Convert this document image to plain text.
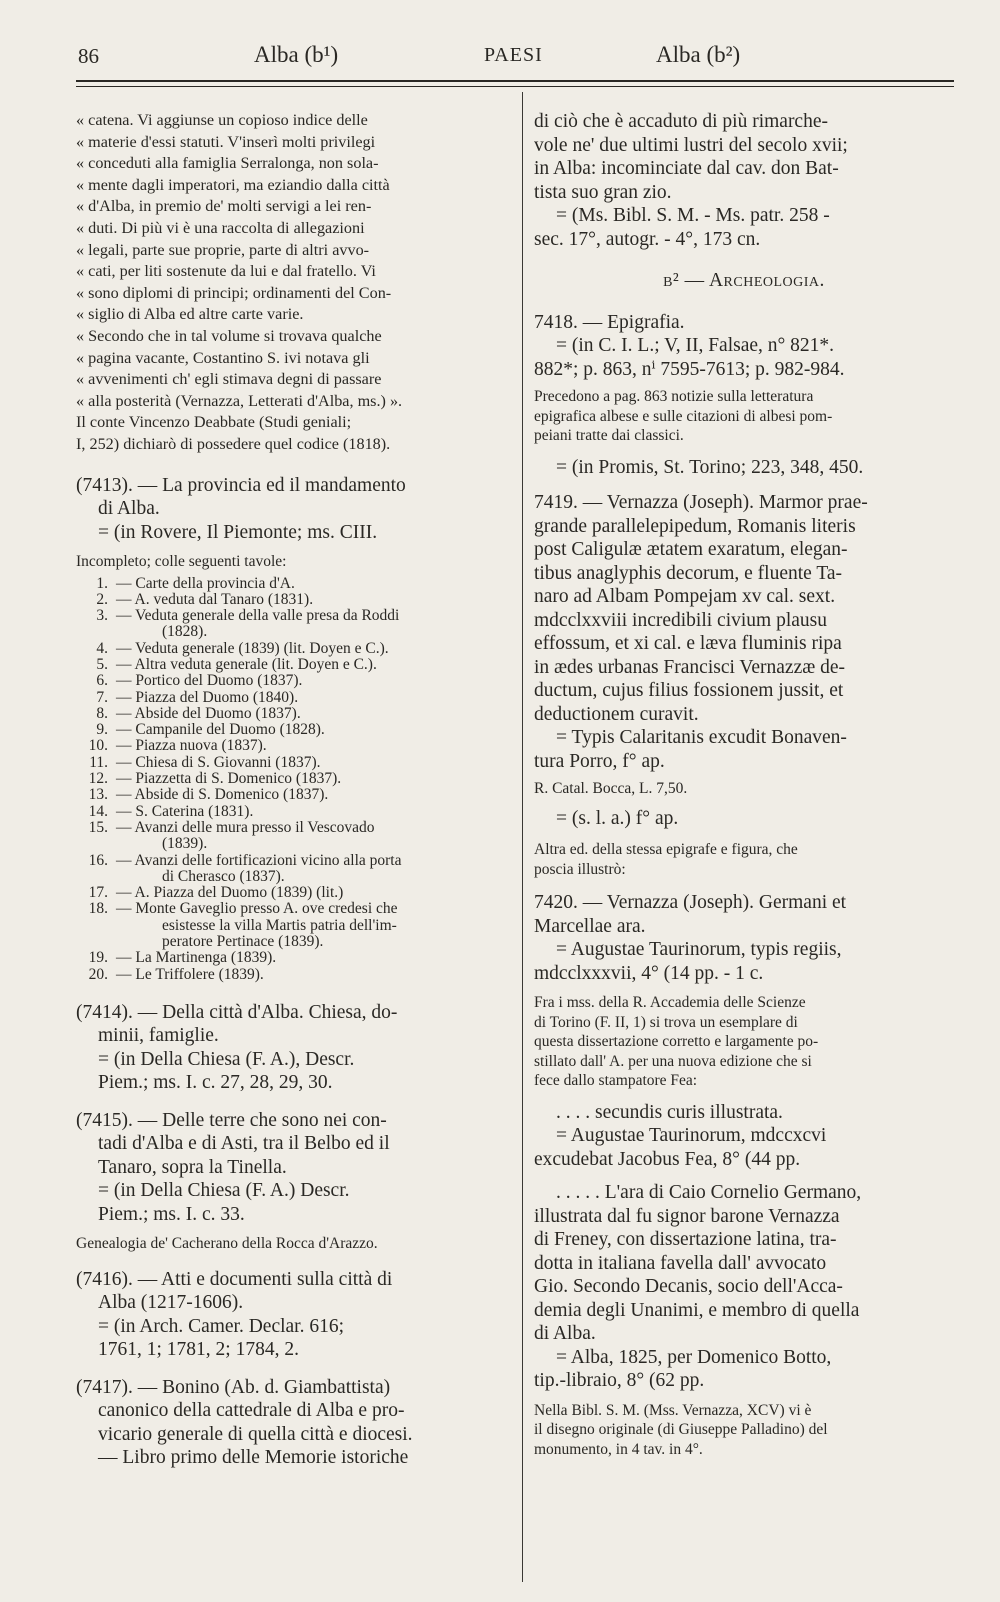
86	Alba (b¹)	PAESI	Alba (b²)
« catena. Vi aggiunse un copioso indice delle
« materie d'essi statuti. V'inserì molti privilegi
« conceduti alla famiglia Serralonga, non sola-
« mente dagli imperatori, ma eziandio dalla città
« d'Alba, in premio de' molti servigi a lei ren-
« duti. Di più vi è una raccolta di allegazioni
« legali, parte sue proprie, parte di altri avvo-
« cati, per liti sostenute da lui e dal fratello. Vi
« sono diplomi di principi; ordinamenti del Con-
« siglio di Alba ed altre carte varie.
« Secondo che in tal volume si trovava qualche
« pagina vacante, Costantino S. ivi notava gli
« avvenimenti ch' egli stimava degni di passare
« alla posterità (Vernazza, Letterati d'Alba, ms.) ».
Il conte Vincenzo Deabbate (Studi geniali;
I, 252) dichiarò di possedere quel codice (1818).
(7413). — La provincia ed il mandamento
di Alba.
= (in Rovere, Il Piemonte; ms. CIII.
Incompleto; colle seguenti tavole:
1. — Carte della provincia d'A.
2. — A. veduta dal Tanaro (1831).
3. — Veduta generale della valle presa da Roddi
(1828).
4. — Veduta generale (1839) (lit. Doyen e C.).
5. — Altra veduta generale (lit. Doyen e C.).
6. — Portico del Duomo (1837).
7. — Piazza del Duomo (1840).
8. — Abside del Duomo (1837).
9. — Campanile del Duomo (1828).
10. — Piazza nuova (1837).
11. — Chiesa di S. Giovanni (1837).
12. — Piazzetta di S. Domenico (1837).
13. — Abside di S. Domenico (1837).
14. — S. Caterina (1831).
15. — Avanzi delle mura presso il Vescovado
(1839).
16. — Avanzi delle fortificazioni vicino alla porta
di Cherasco (1837).
17. — A. Piazza del Duomo (1839) (lit.)
18. — Monte Gaveglio presso A. ove credesi che
esistesse la villa Martis patria dell'im-
peratore Pertinace (1839).
19. — La Martinenga (1839).
20. — Le Triffolere (1839).
(7414). — Della città d'Alba. Chiesa, do-
minii, famiglie.
= (in Della Chiesa (F. A.), Descr.
Piem.; ms. I. c. 27, 28, 29, 30.
(7415). — Delle terre che sono nei con-
tadi d'Alba e di Asti, tra il Belbo ed il
Tanaro, sopra la Tinella.
= (in Della Chiesa (F. A.) Descr.
Piem.; ms. I. c. 33.
Genealogia de' Cacherano della Rocca d'Arazzo.
(7416). — Atti e documenti sulla città di
Alba (1217-1606).
= (in Arch. Camer. Declar. 616;
1761, 1; 1781, 2; 1784, 2.
(7417). — Bonino (Ab. d. Giambattista)
canonico della cattedrale di Alba e pro-
vicario generale di quella città e diocesi.
— Libro primo delle Memorie istoriche
di ciò che è accaduto di più rimarche-
vole ne' due ultimi lustri del secolo xvii;
in Alba: incominciate dal cav. don Bat-
tista suo gran zio.
= (Ms. Bibl. S. M. - Ms. patr. 258 -
sec. 17°, autogr. - 4°, 173 cn.
b² — Archeologia.
7418. — Epigrafia.
= (in C. I. L.; V, II, Falsae, n° 821*.
882*; p. 863, nⁱ 7595-7613; p. 982-984.
Precedono a pag. 863 notizie sulla letteratura
epigrafica albese e sulle citazioni di albesi pom-
peiani tratte dai classici.
= (in Promis, St. Torino; 223, 348, 450.
7419. — Vernazza (Joseph). Marmor prae-
grande parallelepipedum, Romanis literis
post Caligulæ ætatem exaratum, elegan-
tibus anaglyphis decorum, e fluente Ta-
naro ad Albam Pompejam xv cal. sext.
mdcclxxviii incredibili civium plausu
effossum, et xi cal. e læva fluminis ripa
in ædes urbanas Francisci Vernazzæ de-
ductum, cujus filius fossionem jussit, et
deductionem curavit.
= Typis Calaritanis excudit Bonaven-
tura Porro, f° ap.
R. Catal. Bocca, L. 7,50.
= (s. l. a.) f° ap.
Altra ed. della stessa epigrafe e figura, che
poscia illustrò:
7420. — Vernazza (Joseph). Germani et
Marcellae ara.
= Augustae Taurinorum, typis regiis,
mdcclxxxvii, 4° (14 pp. - 1 c.
Fra i mss. della R. Accademia delle Scienze
di Torino (F. II, 1) si trova un esemplare di
questa dissertazione corretto e largamente po-
stillato dall' A. per una nuova edizione che si
fece dallo stampatore Fea:
. . . . secundis curis illustrata.
= Augustae Taurinorum, mdccxcvi
excudebat Jacobus Fea, 8° (44 pp.
. . . . . L'ara di Caio Cornelio Germano,
illustrata dal fu signor barone Vernazza
di Freney, con dissertazione latina, tra-
dotta in italiana favella dall' avvocato
Gio. Secondo Decanis, socio dell'Acca-
demia degli Unanimi, e membro di quella
di Alba.
= Alba, 1825, per Domenico Botto,
tip.-libraio, 8° (62 pp.
Nella Bibl. S. M. (Mss. Vernazza, XCV) vi è
il disegno originale (di Giuseppe Palladino) del
monumento, in 4 tav. in 4°.
